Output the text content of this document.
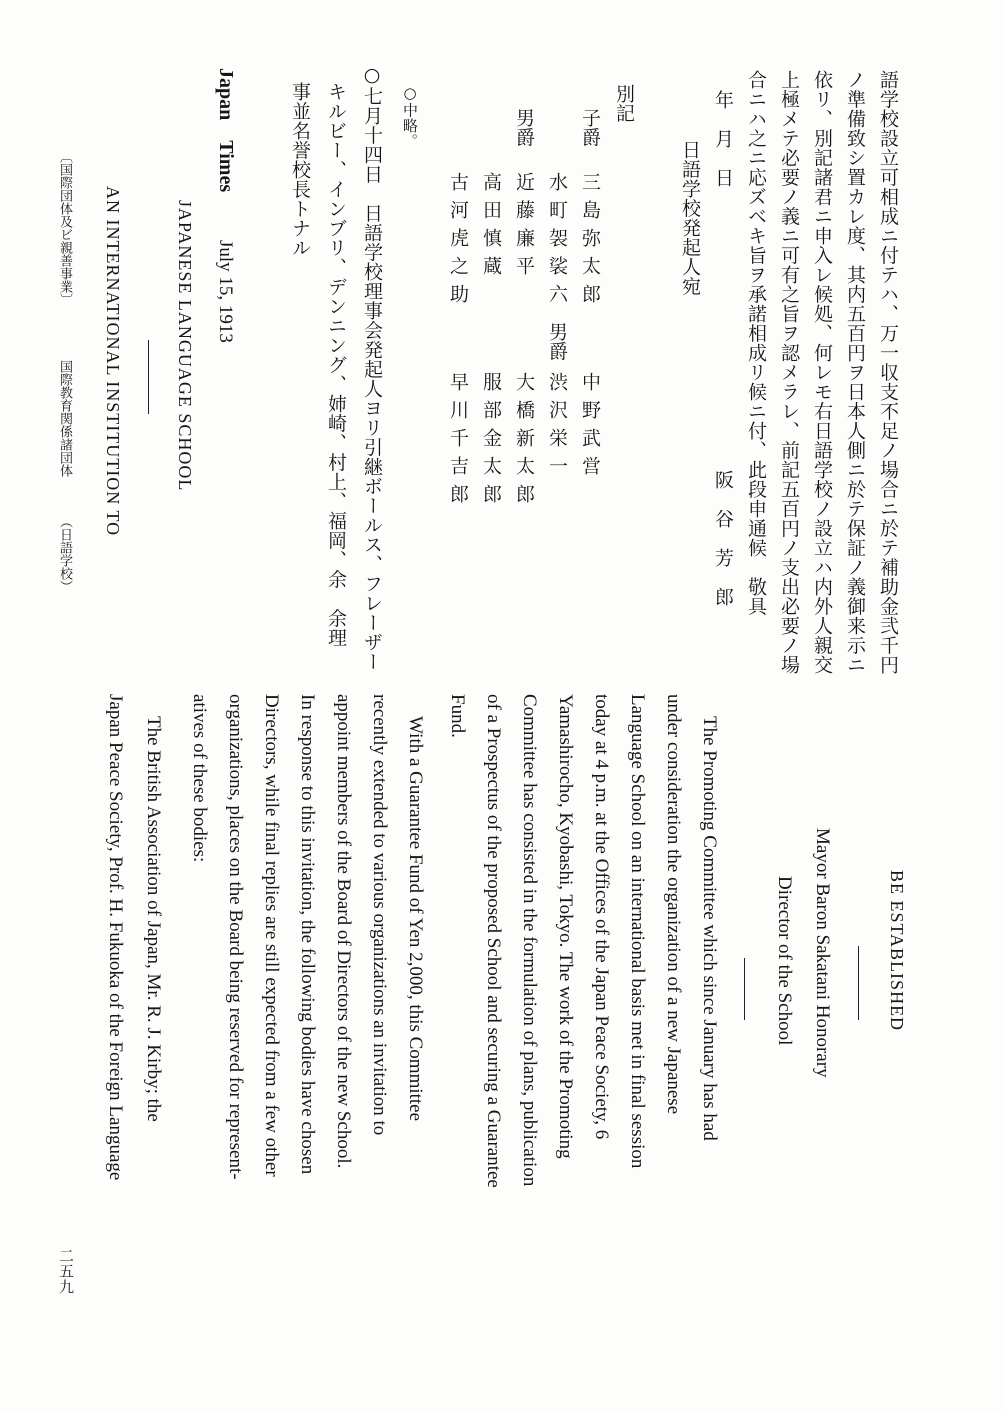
語学校設立可相成ニ付テハ、万一収支不足ノ場合ニ於テ補助金弐千円
ノ準備致シ置カレ度、其内五百円ヲ日本人側ニ於テ保証ノ義御来示ニ
依リ、別記諸君ニ申入レ候処、何レモ右日語学校ノ設立ハ内外人親交
上極メテ必要ノ義ニ可有之旨ヲ認メラレ、前記五百円ノ支出必要ノ場
合ニハ之ニ応ズベキ旨ヲ承諾相成リ候ニ付、此段申通候　敬具
年　月　日
阪　谷　芳　郎
日語学校発起人宛
別記
子爵
三島弥太郎
水町袈裟六
男爵
近藤廉平
高田慎蔵
古河虎之助
中野武営
男爵
渋沢栄一
大橋新太郎
服部金太郎
早川千吉郎
○中略。
○七月十四日　日語学校理事会発起人ヨリ引継ボールス、フレーザー
キルビー、インブリ、デンニング、姉崎、村上、福岡、余　余理
事並名誉校長トナル
Japan　Times
July 15, 1913
JAPANESE LANGUAGE SCHOOL
AN INTERNATIONAL INSTITUTION TO
BE ESTABLISHED
Mayor Baron Sakatani Honorary
Director of the School
The Promoting Committee which since January has had
under consideration the organization of a new Japanese
Language School on an international basis met in final session
today at 4 p.m. at the Offices of the Japan Peace Society, 6
Yamashirocho, Kyobashi, Tokyo. The work of the Promoting
Committee has consisted in the formulation of plans, publication
of a Prospectus of the proposed School and securing a Guarantee
Fund.
With a Guarantee Fund of Yen 2,000, this Committee
recently extended to various organizations an invitation to
appoint members of the Board of Directors of the new School.
In response to this invitation, the following bodies have chosen
Directors, while final replies are still expected from a few other
organizations, places on the Board being reserved for represent-
atives of these bodies:
The British Association of Japan, Mr. R. J. Kirby; the
Japan Peace Society, Prof. H. Fukuoka of the Foreign Language
〔国際団体及ビ親善事業〕
国際教育関係諸団体
（日語学校）
二五九
